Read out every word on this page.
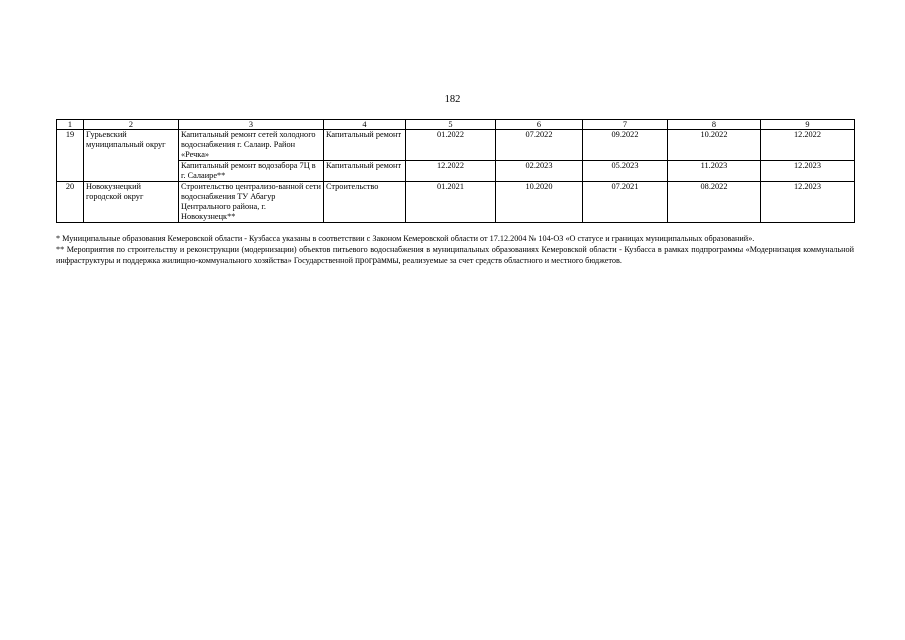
182
1	2	3	4	5	6	7	8	9
19	Гурьевский муниципальный округ	Капитальный ремонт сетей холодного водоснабжения г. Салаир. Район «Речка»	Капитальный ремонт	01.2022	07.2022	09.2022	10.2022	12.2022
		Капитальный ремонт водозабора 7Ц в г. Салаире**	Капитальный ремонт	12.2022	02.2023	05.2023	11.2023	12.2023
20	Новокузнецкий городской округ	Строительство централизо-ванной сети водоснабжения ТУ Абагур Центрального района, г. Новокузнецк**	Строительство	01.2021	10.2020	07.2021	08.2022	12.2023

* Муниципальные образования Кемеровской области - Кузбасса указаны в соответствии с Законом Кемеровской области от 17.12.2004 № 104-ОЗ «О статусе и границах муниципальных образований».

** Мероприятия по строительству и реконструкции (модернизации) объектов питьевого водоснабжения в муниципальных образованиях Кемеровской области - Кузбасса в рамках подпрограммы «Модернизация коммунальной инфраструктуры и поддержка жилищно-коммунального хозяйства» Государственной программы, реализуемые за счет средств областного и местного бюджетов.
